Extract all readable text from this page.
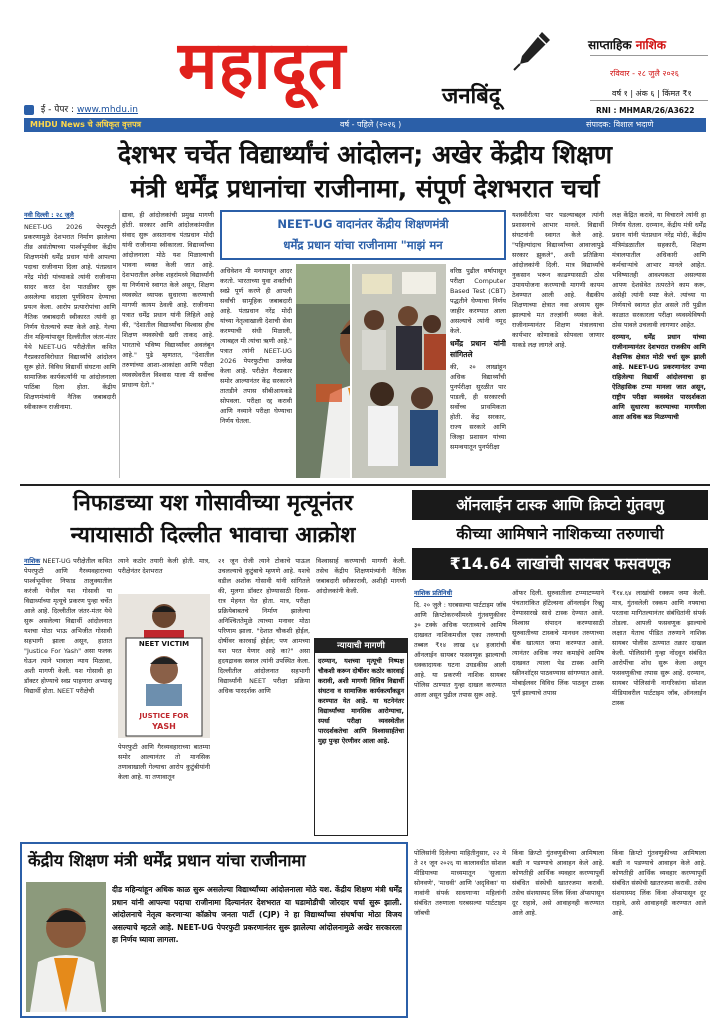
महादूत	जनबिंदू
साप्ताहिक नाशिक
रविवार - २८ जुलै २०२६
वर्ष १ | अंक ६ | किंमत ₹१
RNI : MHMAR/26/A3622
ई - पेपर : www.mhdu.in
MHDU News चे अधिकृत वृत्तपत्र	वर्ष - पहिले (२०२६ )	संपादक: विशाल भदाणे
देशभर चर्चेत विद्यार्थ्यांचं आंदोलन; अखेर केंद्रीय शिक्षण
मंत्री धर्मेंद्र प्रधानांचा राजीनामा, संपूर्ण देशभरात चर्चा

नवी दिल्ली : २८ जुलै

NEET-UG 2026 पेपरफुटी प्रकरणामुळे देशभरात निर्माण झालेल्या तीव्र असंतोषाच्या पार्श्वभूमीवर केंद्रीय शिक्षणमंत्री धर्मेंद्र प्रधान यांनी आपल्या पदाचा राजीनामा दिला आहे. पंतप्रधान नरेंद्र मोदी यांच्याकडे त्यांनी राजीनामा सादर करत देश पातळीवर सुरू असलेल्या वादाला पूर्णविराम देण्याचा प्रयत्न केला. आरोप प्रत्यारोपांचा आणि नैतिक जबाबदारी स्वीकारत त्यांनी हा निर्णय घेतल्याचे स्पष्ट केले आहे. गेल्या तीन महिन्यांपासून दिल्लीतील जंतर-मंतर येथे NEET-UG परीक्षेतील कथित गैरप्रकाराविरोधात विद्यार्थ्यांचे आंदोलन सुरू होते. विविध विद्यार्थी संघटना आणि सामाजिक कार्यकर्त्यांनी या आंदोलनाला पाठिंबा दिला होता. केंद्रीय शिक्षणमंत्र्यांनी नैतिक जबाबदारी स्वीकारून राजीनामा.

द्यावा, ही आंदोलकांची प्रमुख मागणी होती. सरकार आणि आंदोलकांमधील संवाद सुरू असतानाच पंतप्रधान मोदी यांनी राजीनामा स्वीकारला. विद्यार्थ्यांच्या आंदोलनाला मोठे यश मिळाल्याची भावना व्यक्त केली जात आहे. देशभरातील अनेक शहरांमध्ये विद्यार्थ्यांनी या निर्णयाचे स्वागत केले असून, शिक्षण व्यवस्थेत व्यापक सुधारणा करण्याची मागणी कायम ठेवली आहे. राजीनामा पत्रात धर्मेंद्र प्रधान यांनी लिहिले आहे की, "देशातील विद्यार्थ्यांचा विश्वास हीच शिक्षण व्यवस्थेची खरी ताकद आहे. भारताचे भविष्य विद्यार्थ्यांवर अवलंबून आहे." पुढे म्हणतात, "देशातील तरुणांच्या आशा-आकांक्षा आणि परीक्षा व्यवस्थेवरील विश्वास याला मी सर्वोच्च प्राधान्य देतो."

NEET-UG वादानंतर केंद्रीय शिक्षणमंत्री
धर्मेंद्र प्रधान यांचा राजीनामा "माझं मन

अधिवेशन मी मनापासून आदर करतो. भारताच्या युवा शक्तीची स्वप्ने पूर्ण करणे ही आपली सर्वांची सामूहिक जबाबदारी आहे. पंतप्रधान नरेंद्र मोदी यांच्या नेतृत्वाखाली देशाची सेवा करण्याची संधी मिळाली, त्याबद्दल मी त्यांचा ऋणी आहे." पत्रात त्यांनी NEET-UG 2026 पेपरफुटीचा उल्लेख केला आहे. परीक्षेत गैरप्रकार समोर आल्यानंतर केंद्र सरकारने तातडीने तपास सीबीआयकडे सोपवला. परीक्षा रद्द करावी आणि नव्याने परीक्षा घेण्याचा निर्णय घेतला.

वरिष्ठ पुढील वर्षापासून परीक्षा Computer Based Test (CBT) पद्धतीने घेण्याचा निर्णय जाहीर करण्यात आला असल्याचे त्यांनी नमूद केले.

धर्मेंद्र प्रधान यांनी सांगितले

की, २० लाखांहून अधिक विद्यार्थ्यांची पुनर्परीक्षा सुरळीत पार पाडली, ही सरकारची सर्वोच्च प्राथमिकता होती. केंद्र सरकार, राज्य सरकारे आणि जिल्हा प्रशासन यांच्या समन्वयातून पुनर्परीक्षा

यशस्वीरीत्या पार पडल्याबद्दल त्यांनी प्रशासनाचे आभार मानले. विद्यार्थी संघटनांनी स्वागत केले आहे. "पहिल्यांदाच विद्यार्थ्यांच्या आवाजापुढे सरकार झुकले", अशी प्रतिक्रिया आंदोलकांनी दिली. मात्र विद्यार्थ्यांचे नुकसान भरून काढण्यासाठी ठोस उपाययोजना करण्याची मागणी कायम ठेवण्यात आली आहे. वैद्यकीय शिक्षणाच्या क्षेत्रात नवा अध्याय सुरू झाल्याचे मत तज्ज्ञांनी व्यक्त केले. राजीनाम्यानंतर शिक्षण मंत्रालयाचा कार्यभार कोणाकडे सोपवला जाणार याकडे लक्ष लागले आहे.

लक्ष केंद्रित करावे, या विचाराने त्यांनी हा निर्णय घेतला. दरम्यान, केंद्रीय मंत्री धर्मेंद्र प्रधान यांनी पंतप्रधान नरेंद्र मोदी, केंद्रीय मंत्रिमंडळातील सहकारी, शिक्षण मंत्रालयातील अधिकारी आणि कर्मचाऱ्यांचे आभार मानले आहेत. भविष्यातही आवश्यकता असल्यास आपण देशसेवेत तत्परतेने काम करू, असेही त्यांनी स्पष्ट केले. त्यांच्या या निर्णयाचे स्वागत होत असले तरी पुढील काळात सरकारला परीक्षा व्यवस्थेविषयी ठोस पावले उचलावी लागणार आहेत.

दरम्यान, धर्मेंद्र प्रधान यांच्या राजीनाम्यानंतर देशभरात राजकीय आणि शैक्षणिक क्षेत्रात मोठी चर्चा सुरू झाली आहे. NEET-UG प्रकरणानंतर उभ्या राहिलेल्या विद्यार्थी आंदोलनाचा हा ऐतिहासिक टप्पा मानला जात असून, राष्ट्रीय परीक्षा व्यवस्थेत पारदर्शकता आणि सुधारणा करण्याच्या मागणीला आता अधिक बळ मिळण्याची

निफाडच्या यश गोसावीच्या मृत्यूनंतर
न्यायासाठी दिल्लीत भावाचा आक्रोश

नाशिक NEET-UG परीक्षेतील कथित पेपरफुटी आणि गैरव्यवहाराच्या पार्श्वभूमीवर निफाड तालुक्यातील करंजी येथील यश गोसावी या विद्यार्थ्याच्या मृत्यूचे प्रकरण पुन्हा चर्चेत आले आहे. दिल्लीतील जंतर-मंतर येथे सुरू असलेल्या विद्यार्थी आंदोलनात यशचा मोठा भाऊ अभिजीत गोसावी सहभागी झाला असून, हातात "Justice For Yash" असा फलक घेऊन त्याने भावाला न्याय मिळावा, अशी मागणी केली. यश गोसावी हा डॉक्टर होण्याचे स्वप्न पाहणारा अभ्यासू विद्यार्थी होता. NEET परीक्षेची

त्याने कठोर तयारी केली होती. मात्र, परीक्षेनंतर देशभरात

NEET VICTIM
JUSTICE FOR
YASH

पेपरफुटी आणि गैरव्यवहाराच्या बातम्या समोर आल्यानंतर तो मानसिक तणावाखाली गेल्याचा आरोप कुटुंबीयांनी केला आहे. या तणावातून

२१ जून रोजी त्याने टोकाचे पाऊल उचलल्याचे कुटुंबाचे म्हणणे आहे. यशचे वडील अशोक गोसावी यांनी सांगितले की, मुलगा डॉक्टर होण्यासाठी दिवस-रात्र मेहनत घेत होता. मात्र, परीक्षा प्रक्रियेबाबतचे निर्माण झालेल्या अनिश्चिततेमुळे त्याच्या मनावर मोठा परिणाम झाला. "देशात चौकशी होईल, दोषींवर कारवाई होईल; पण आमच्या यश परत येणार आहे का?" असा हृदयद्रावक सवाल त्यांनी उपस्थित केला. दिल्लीतील आंदोलनात सहभागी विद्यार्थ्यांनी NEET परीक्षा प्रक्रिया अधिक पारदर्शक आणि

विश्वासार्ह करण्याची मागणी केली. तसेच केंद्रीय शिक्षणमंत्र्यांनी नैतिक जबाबदारी स्वीकारावी, अशीही मागणी आंदोलकांनी केली.

न्यायाची मागणी
दरम्यान, यशच्या मृत्यूची निष्पक्ष चौकशी करून दोषींवर कठोर कारवाई करावी, अशी मागणी विविध विद्यार्थी संघटना व सामाजिक कार्यकर्त्यांकडून करण्यात येत आहे. या घटनेनंतर विद्यार्थ्यांच्या मानसिक आरोग्याचा, स्पर्धा परीक्षा व्यवस्थेतील पारदर्शकतेचा आणि विश्वासार्हतेचा मुद्दा पुन्हा ऐरणीवर आला आहे.
ऑनलाईन टास्क आणि क्रिप्टो गुंतवणु
कीच्या आमिषाने नाशिकच्या तरुणाची
₹14.64 लाखांची सायबर फसवणूक

नाशिक प्रतिनिधी

दि. २० जुलै : घरबसल्या पार्टटाइम जॉब आणि क्रिप्टोकरन्सीमध्ये गुंतवणुकीवर ३० टक्के अधिक परताव्याचे आमिष दाखवत नाशिकमधील एका तरुणाची तब्बल ₹१४ लाख ६४ हजारांची ऑनलाईन सायबर फसवणूक झाल्याची धक्कादायक घटना उघडकीस आली आहे. या प्रकरणी नाशिक सायबर पोलिस ठाण्यात गुन्हा दाखल करण्यात आला असून पुढील तपास सुरू आहे.

ऑफर दिली. सुरुवातीला टप्प्याटप्प्याने पंचतारांकित हॉटेल्सना ऑनलाईन रिव्ह्यू देण्यासारखे साधे टास्क देण्यात आले. विश्वास संपादन करण्यासाठी सुरुवातीच्या टास्कचे मानधन तरुणाच्या बँक खात्यात जमा करण्यात आले. त्यानंतर अधिक नफा कमाईचे आमिष दाखवत त्याला पेड टास्क आणि स्क्रीनशॉट्स पाठवण्यास सांगण्यात आले. मोबाईलवर विविध लिंक पाठवून टास्क पूर्ण झाल्याचे तपास

₹१४.६४ लाखांची रक्कम जमा केली. मात्र, गुंतवलेली रक्कम आणि नफ्याचा परतावा मागितल्यानंतर संबंधितांनी संपर्क तोडला. आपली फसवणूक झाल्याचे लक्षात येताच पीडित तरुणाने नाशिक सायबर पोलीस ठाण्यात तक्रार दाखल केली. पोलिसांनी गुन्हा नोंदवून संबंधित आरोपींचा शोध सुरू केला असून फसवणुकीचा तपास सुरू आहे. दरम्यान, सायबर पोलिसांनी नागरिकांना सोशल मीडियावरील पार्टटाइम जॉब, ऑनलाईन टास्क

पोलिसांनी दिलेल्या माहितीनुसार, २२ मे ते २१ जून २०२६ या कालावधीत सोशल मीडियाच्या माध्यमातून 'सुजाता सोनवणे', 'माधवी' आणि 'अदृविका' या नावांनी संपर्क साधणाऱ्या महिलांनी संबंधित तरुणाला घरबसल्या पार्टटाइम जॉबची

किंवा क्रिप्टो गुंतवणुकीच्या आमिषाला बळी न पडण्याचे आवाहन केले आहे. कोणतीही आर्थिक व्यवहार करण्यापूर्वी संबंधित संस्थेची खातरजमा करावी. तसेच संशयास्पद लिंक किंवा ॲप्सपासून दूर राहावे, असे आवाहनही करण्यात आले आहे.

किंवा क्रिप्टो गुंतवणुकीच्या आमिषाला बळी न पडण्याचे आवाहन केले आहे. कोणतीही आर्थिक व्यवहार करण्यापूर्वी संबंधित संस्थेची खातरजमा करावी. तसेच संशयास्पद लिंक किंवा ॲप्सपासून दूर राहावे, असे आवाहनही करण्यात आले आहे.

केंद्रीय शिक्षण मंत्री धर्मेंद्र प्रधान यांचा राजीनामा
दीड महिन्यांहून अधिक काळ सुरू असलेल्या विद्यार्थ्यांच्या आंदोलनाला मोठे यश. केंद्रीय शिक्षण मंत्री धर्मेंद्र प्रधान यांनी आपल्या पदाचा राजीनामा दिल्यानंतर देशभरात या घडामोडीची जोरदार चर्चा सुरू झाली. आंदोलनाचे नेतृत्व करणाऱ्या कॉक्रोच जनता पार्टी (CJP) ने हा विद्यार्थ्यांच्या संघर्षाचा मोठा विजय असल्याचे म्हटले आहे. NEET-UG पेपरफुटी प्रकरणानंतर सुरू झालेल्या आंदोलनामुळे अखेर सरकारला हा निर्णय घ्यावा लागला.
